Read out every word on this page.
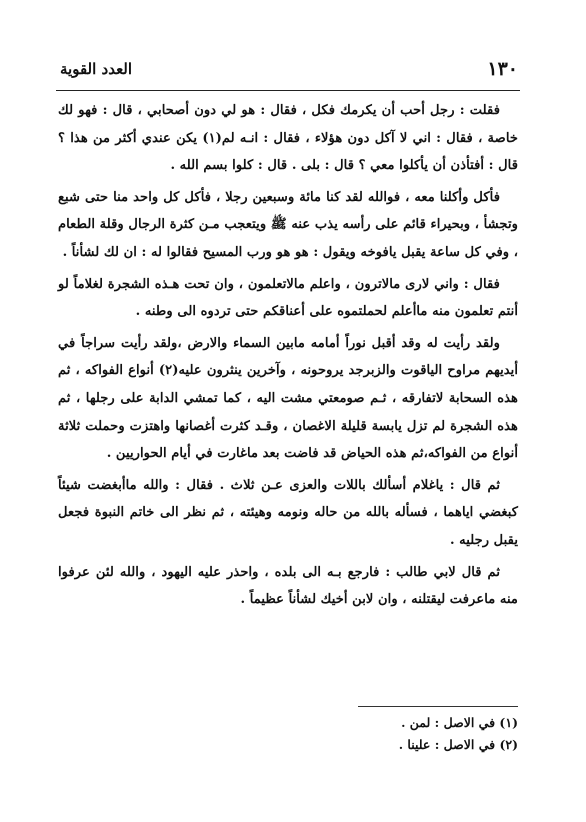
١٣٠
العدد القوية

فقلت : رجل أحب أن يكرمك فكل ، فقال : هو لي دون أصحابي ، قال : فهو لك خاصة ، فقال : اني لا آكل دون هؤلاء ، فقال : انـه لم(١) يكن عندي أكثر من هذا ؟ قال : أفتأذن أن يأكلوا معي ؟ قال : بلى . قال : كلوا بسم الله .

فأكل وأكلنا معه ، فوالله لقد كنا مائة وسبعين رجلا ، فأكل كل واحد منا حتى شبع وتجشأ ، وبحيراء قائم على رأسه يذب عنه ﷺ ويتعجب مـن كثرة الرجال وقلة الطعام ، وفي كل ساعة يقبل يافوخه ويقول : هو هو ورب المسيح فقالوا له : ان لك لشأناً .

فقال : واني لارى مالاترون ، واعلم مالاتعلمون ، وان تحت هـذه الشجرة لغلاماً لو أنتم تعلمون منه ماأعلم لحملتموه على أعناقكم حتى تردوه الى وطنه .

ولقد رأيت له وقد أقبل نوراً أمامه مابين السماء والارض ،ولقد رأيت سراجاً في أيديهم مراوح الياقوت والزبرجد يروحونه ، وآخرين ينثرون عليه(٢) أنواع الفواكه ، ثم هذه السحابة لاتفارقه ، ثـم صومعتي مشت اليه ، كما تمشي الدابة على رجلها ، ثم هذه الشجرة لم تزل يابسة قليلة الاغصان ، وقـد كثرت أغصانها واهتزت وحملت ثلاثة أنواع من الفواكه،ثم هذه الحياض قد فاضت بعد ماغارت في أيام الحواريين .

ثم قال : ياغلام أسألك باللات والعزى عـن ثلاث . فقال : والله ماأبغضت شيئاً كبغضي اياهما ، فسأله بالله من حاله ونومه وهيئته ، ثم نظر الى خاتم النبوة فجعل يقبل رجليه .

ثم قال لابي طالب : فارجع بـه الى بلده ، واحذر عليه اليهود ، والله لئن عرفوا منه ماعرفت ليقتلنه ، وان لابن أخيك لشأناً عظيماً .

(١) في الاصل : لمن .
(٢) في الاصل : علينا .
